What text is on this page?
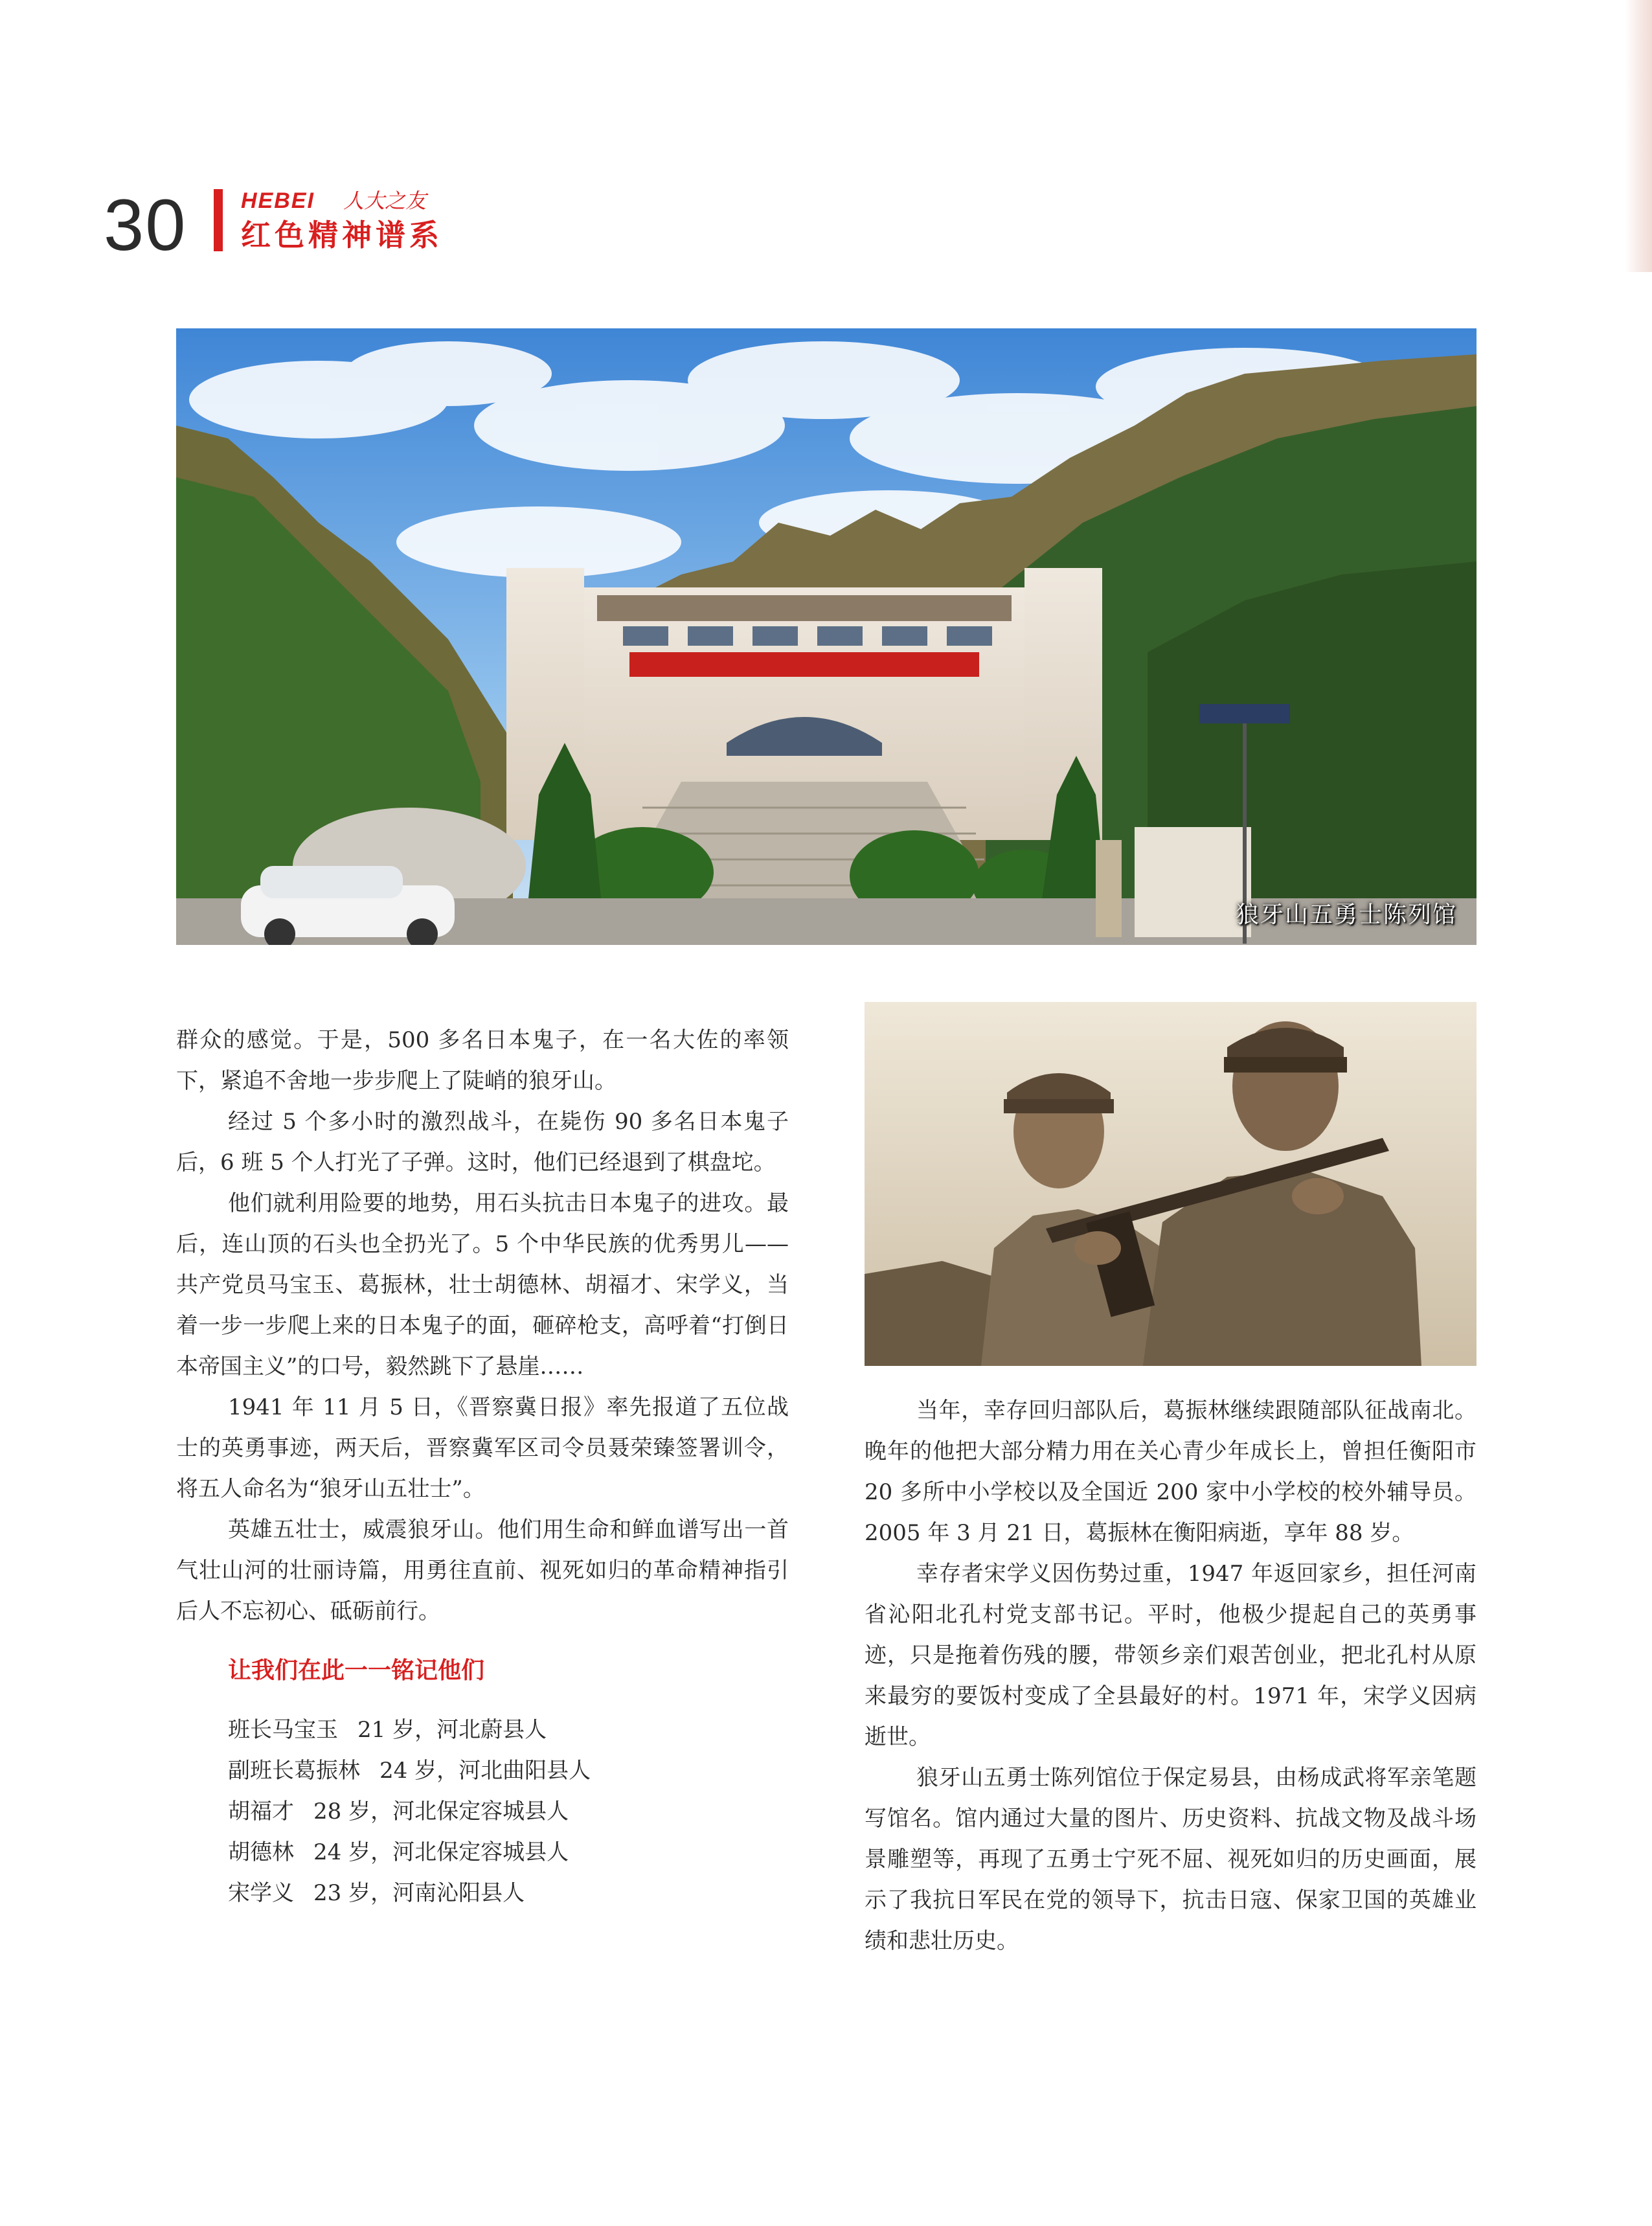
30 HEBEI 人大之友
红色精神谱系
狼牙山五勇士陈列馆

群众的感觉。于是，500 多名日本鬼子，在一名大佐的率领下，紧追不舍地一步步爬上了陡峭的狼牙山。

经过 5 个多小时的激烈战斗，在毙伤 90 多名日本鬼子后，6 班 5 个人打光了子弹。这时，他们已经退到了棋盘坨。

他们就利用险要的地势，用石头抗击日本鬼子的进攻。最后，连山顶的石头也全扔光了。5 个中华民族的优秀男儿——共产党员马宝玉、葛振林，壮士胡德林、胡福才、宋学义，当着一步一步爬上来的日本鬼子的面，砸碎枪支，高呼着“打倒日本帝国主义”的口号，毅然跳下了悬崖……

1941 年 11 月 5 日，《晋察冀日报》率先报道了五位战士的英勇事迹，两天后，晋察冀军区司令员聂荣臻签署训令，将五人命名为“狼牙山五壮士”。

英雄五壮士，威震狼牙山。他们用生命和鲜血谱写出一首气壮山河的壮丽诗篇，用勇往直前、视死如归的革命精神指引后人不忘初心、砥砺前行。

让我们在此一一铭记他们

班长马宝玉 21 岁，河北蔚县人

副班长葛振林 24 岁，河北曲阳县人

胡福才 28 岁，河北保定容城县人

胡德林 24 岁，河北保定容城县人

宋学义 23 岁，河南沁阳县人

当年，幸存回归部队后，葛振林继续跟随部队征战南北。晚年的他把大部分精力用在关心青少年成长上，曾担任衡阳市 20 多所中小学校以及全国近 200 家中小学校的校外辅导员。2005 年 3 月 21 日，葛振林在衡阳病逝，享年 88 岁。

幸存者宋学义因伤势过重，1947 年返回家乡，担任河南省沁阳北孔村党支部书记。平时，他极少提起自己的英勇事迹，只是拖着伤残的腰，带领乡亲们艰苦创业，把北孔村从原来最穷的要饭村变成了全县最好的村。1971 年，宋学义因病逝世。

狼牙山五勇士陈列馆位于保定易县，由杨成武将军亲笔题写馆名。馆内通过大量的图片、历史资料、抗战文物及战斗场景雕塑等，再现了五勇士宁死不屈、视死如归的历史画面，展示了我抗日军民在党的领导下，抗击日寇、保家卫国的英雄业绩和悲壮历史。
